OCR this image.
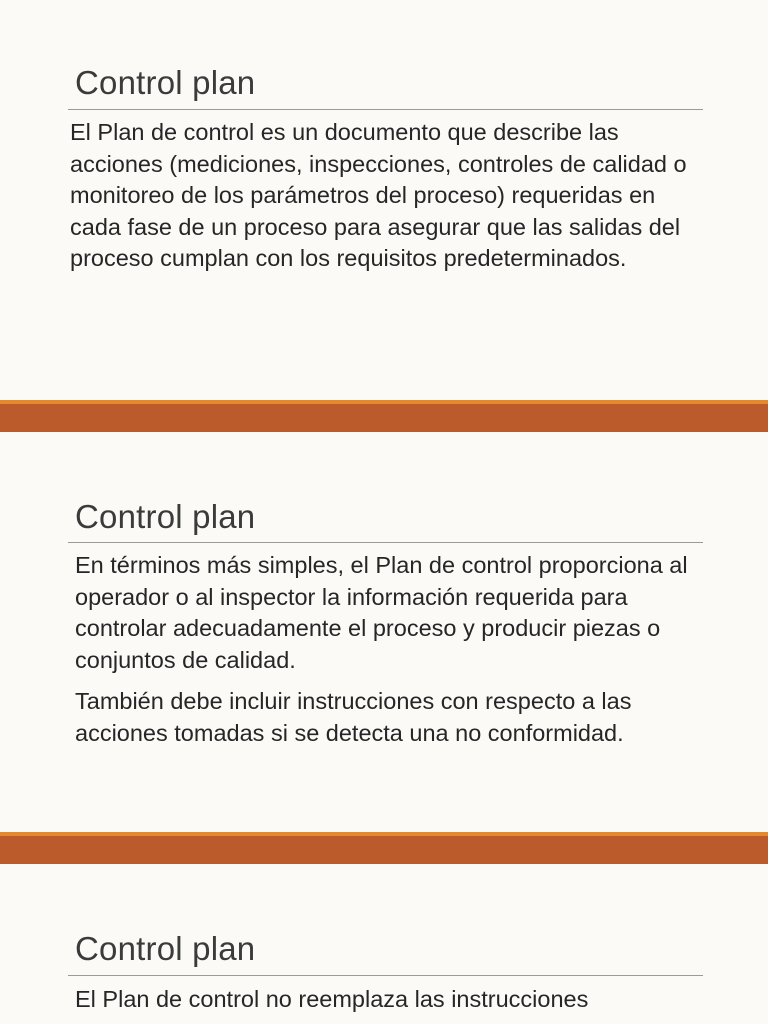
Control plan

El Plan de control es un documento que describe las acciones (mediciones, inspecciones, controles de calidad o monitoreo de los parámetros del proceso) requeridas en cada fase de un proceso para asegurar que las salidas del proceso cumplan con los requisitos predeterminados.

Control plan

En términos más simples, el Plan de control proporciona al operador o al inspector la información requerida para controlar adecuadamente el proceso y producir piezas o conjuntos de calidad.

También debe incluir instrucciones con respecto a las acciones tomadas si se detecta una no conformidad.

Control plan

El Plan de control no reemplaza las instrucciones
